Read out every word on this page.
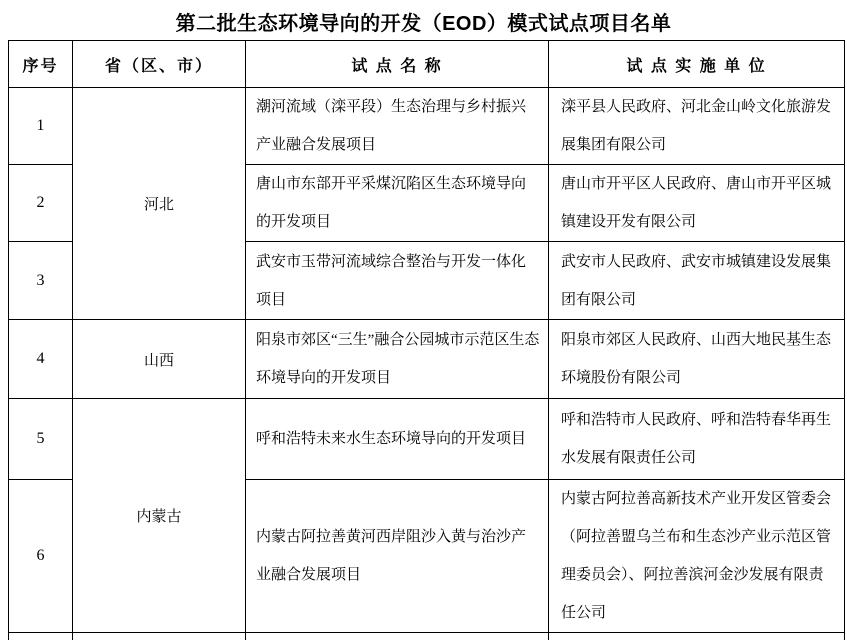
第二批生态环境导向的开发（EOD）模式试点项目名单
序号	省（区、市）	试 点 名 称	试 点 实 施 单 位
1	河北	潮河流域（滦平段）生态治理与乡村振兴产业融合发展项目	滦平县人民政府、河北金山岭文化旅游发展集团有限公司
2		唐山市东部开平采煤沉陷区生态环境导向的开发项目	唐山市开平区人民政府、唐山市开平区城镇建设开发有限公司
3		武安市玉带河流域综合整治与开发一体化项目	武安市人民政府、武安市城镇建设发展集团有限公司
4	山西	阳泉市郊区“三生”融合公园城市示范区生态环境导向的开发项目	阳泉市郊区人民政府、山西大地民基生态环境股份有限公司
5	内蒙古	呼和浩特未来水生态环境导向的开发项目	呼和浩特市人民政府、呼和浩特春华再生水发展有限责任公司
6		内蒙古阿拉善黄河西岸阻沙入黄与治沙产业融合发展项目	内蒙古阿拉善高新技术产业开发区管委会（阿拉善盟乌兰布和生态沙产业示范区管理委员会）、阿拉善滨河金沙发展有限责任公司
